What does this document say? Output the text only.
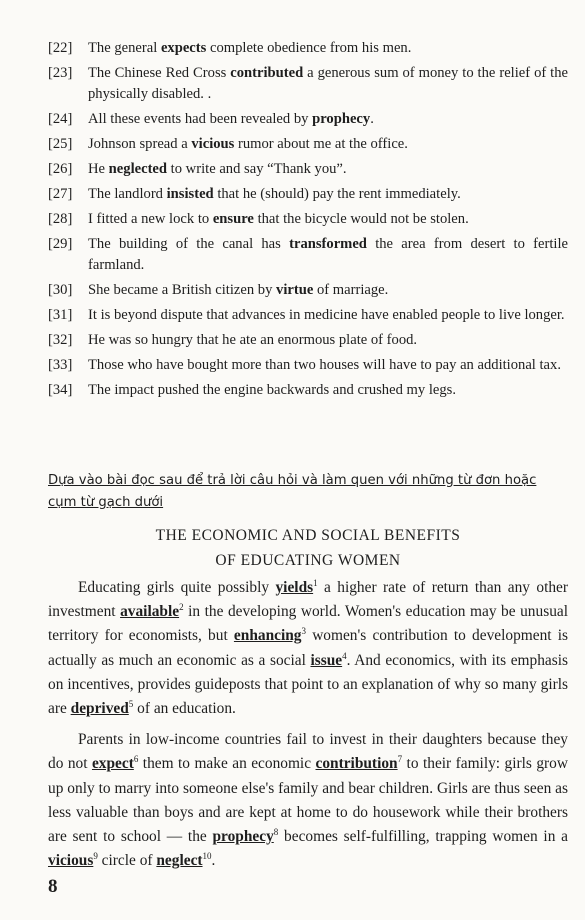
[22]	The general expects complete obedience from his men.
[23]	The Chinese Red Cross contributed a generous sum of money to the relief of the physically disabled. .
[24]	All these events had been revealed by prophecy.
[25]	Johnson spread a vicious rumor about me at the office.
[26]	He neglected to write and say “Thank you”.
[27]	The landlord insisted that he (should) pay the rent immediately.
[28]	I fitted a new lock to ensure that the bicycle would not be stolen.
[29]	The building of the canal has transformed the area from desert to fertile farmland.
[30]	She became a British citizen by virtue of marriage.
[31]	It is beyond dispute that advances in medicine have enabled people to live longer.
[32]	He was so hungry that he ate an enormous plate of food.
[33]	Those who have bought more than two houses will have to pay an additional tax.
[34]	The impact pushed the engine backwards and crushed my legs.
Dựa vào bài đọc sau để trả lời câu hỏi và làm quen với những từ đơn hoặc cụm từ gạch dưới
THE ECONOMIC AND SOCIAL BENEFITS
OF EDUCATING WOMEN

Educating girls quite possibly yields$^1$ a higher rate of return than any other investment available$^2$ in the developing world. Women's education may be unusual territory for economists, but enhancing$^3$ women's contribution to development is actually as much an economic as a social issue$^4$. And economics, with its emphasis on incentives, provides guideposts that point to an explanation of why so many girls are deprived$^5$ of an education.

Parents in low-income countries fail to invest in their daughters because they do not expect$^6$ them to make an economic contribution$^7$ to their family: girls grow up only to marry into someone else's family and bear children. Girls are thus seen as less valuable than boys and are kept at home to do housework while their brothers are sent to school — the prophecy$^8$ becomes self-fulfilling, trapping women in a vicious$^9$ circle of neglect$^{10}$.

8
